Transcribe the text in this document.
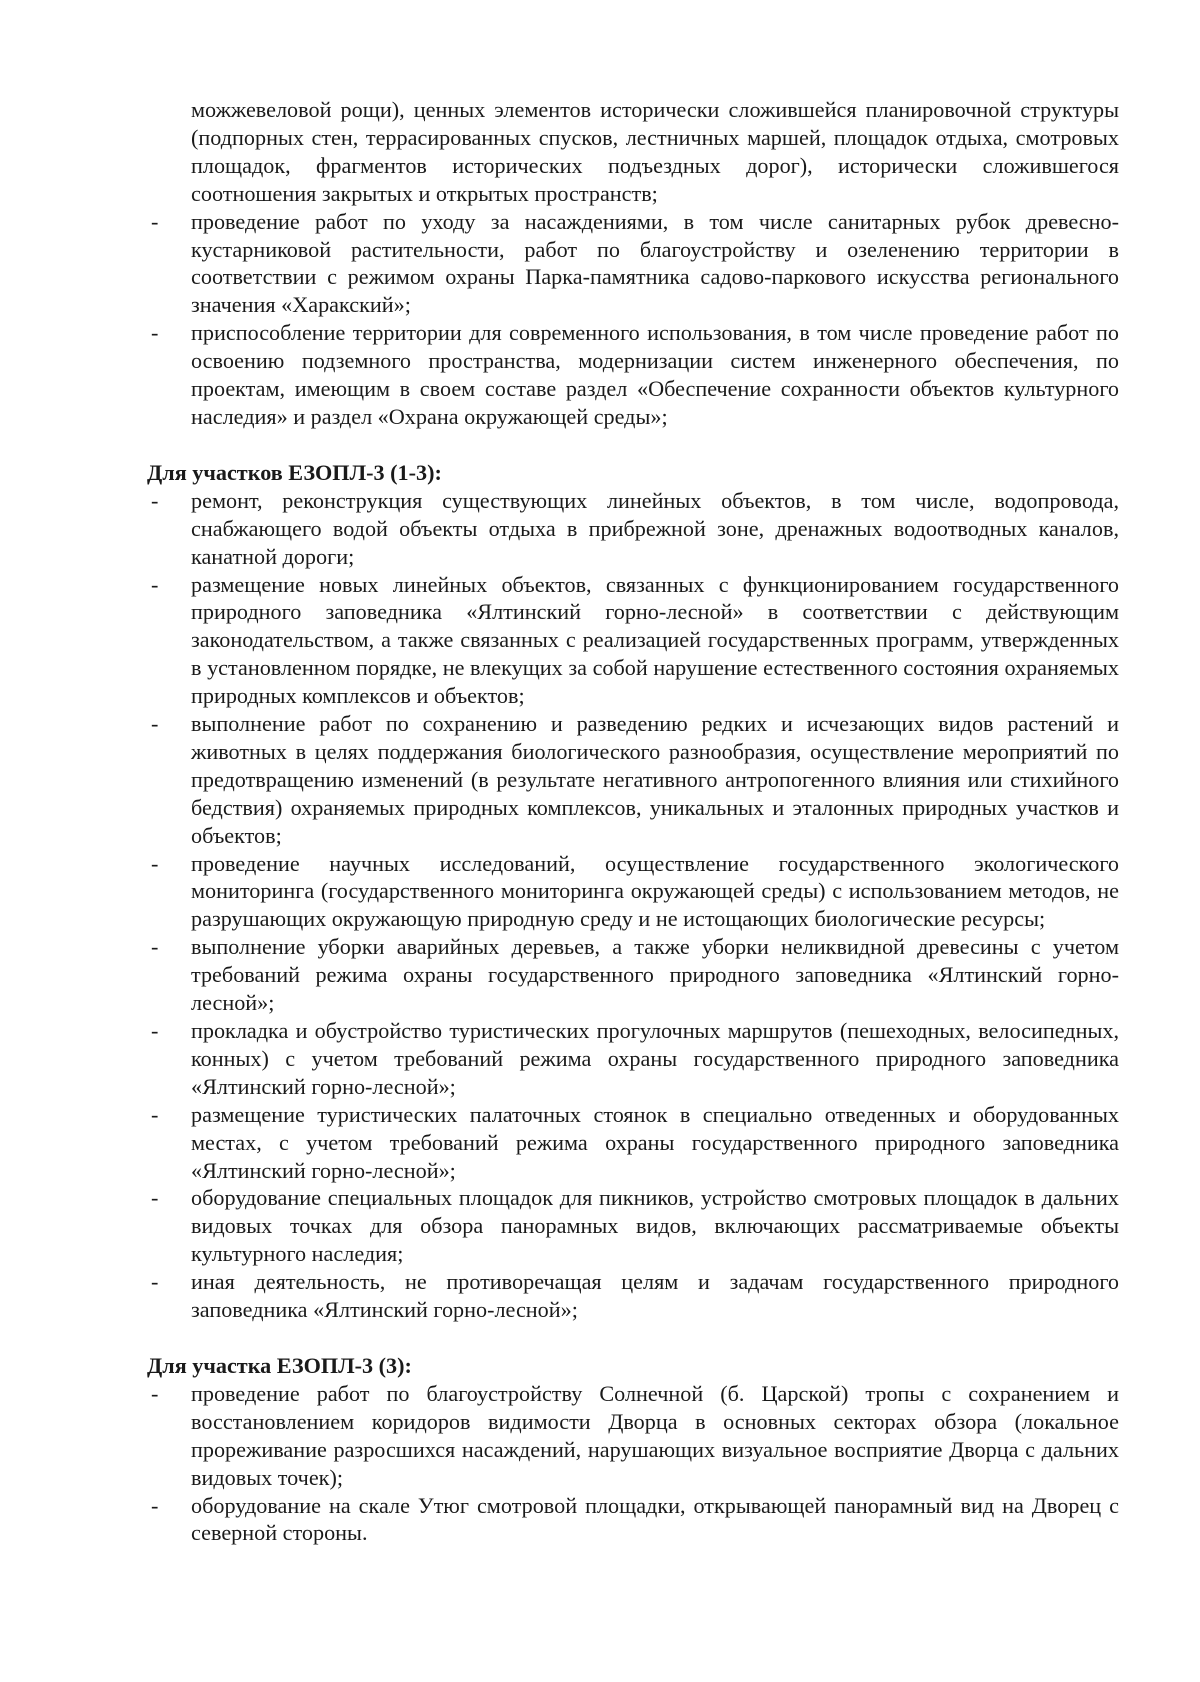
можжевеловой рощи), ценных элементов исторически сложившейся планировочной структуры (подпорных стен, террасированных спусков, лестничных маршей, площадок отдыха, смотровых площадок, фрагментов исторических подъездных дорог), исторически сложившегося соотношения закрытых и открытых пространств;

- проведение работ по уходу за насаждениями, в том числе санитарных рубок древесно-кустарниковой растительности, работ по благоустройству и озеленению территории в соответствии с режимом охраны Парка-памятника садово-паркового искусства регионального значения «Харакский»;
- приспособление территории для современного использования, в том числе проведение работ по освоению подземного пространства, модернизации систем инженерного обеспечения, по проектам, имеющим в своем составе раздел «Обеспечение сохранности объектов культурного наследия» и раздел «Охрана окружающей среды»;

Для участков ЕЗОПЛ-3 (1-3):

- ремонт, реконструкция существующих линейных объектов, в том числе, водопровода, снабжающего водой объекты отдыха в прибрежной зоне, дренажных водоотводных каналов, канатной дороги;
- размещение новых линейных объектов, связанных с функционированием государственного природного заповедника «Ялтинский горно-лесной» в соответствии с действующим законодательством, а также связанных с реализацией государственных программ, утвержденных в установленном порядке, не влекущих за собой нарушение естественного состояния охраняемых природных комплексов и объектов;
- выполнение работ по сохранению и разведению редких и исчезающих видов растений и животных в целях поддержания биологического разнообразия, осуществление мероприятий по предотвращению изменений (в результате негативного антропогенного влияния или стихийного бедствия) охраняемых природных комплексов, уникальных и эталонных природных участков и объектов;
- проведение научных исследований, осуществление государственного экологического мониторинга (государственного мониторинга окружающей среды) с использованием методов, не разрушающих окружающую природную среду и не истощающих биологические ресурсы;
- выполнение уборки аварийных деревьев, а также уборки неликвидной древесины с учетом требований режима охраны государственного природного заповедника «Ялтинский горно-лесной»;
- прокладка и обустройство туристических прогулочных маршрутов (пешеходных, велосипедных, конных) с учетом требований режима охраны государственного природного заповедника «Ялтинский горно-лесной»;
- размещение туристических палаточных стоянок в специально отведенных и оборудованных местах, с учетом требований режима охраны государственного природного заповедника «Ялтинский горно-лесной»;
- оборудование специальных площадок для пикников, устройство смотровых площадок в дальних видовых точках для обзора панорамных видов, включающих рассматриваемые объекты культурного наследия;
- иная деятельность, не противоречащая целям и задачам государственного природного заповедника «Ялтинский горно-лесной»;

Для участка ЕЗОПЛ-3 (3):

- проведение работ по благоустройству Солнечной (б. Царской) тропы с сохранением и восстановлением коридоров видимости Дворца в основных секторах обзора (локальное прореживание разросшихся насаждений, нарушающих визуальное восприятие Дворца с дальних видовых точек);
- оборудование на скале Утюг смотровой площадки, открывающей панорамный вид на Дворец с северной стороны.
